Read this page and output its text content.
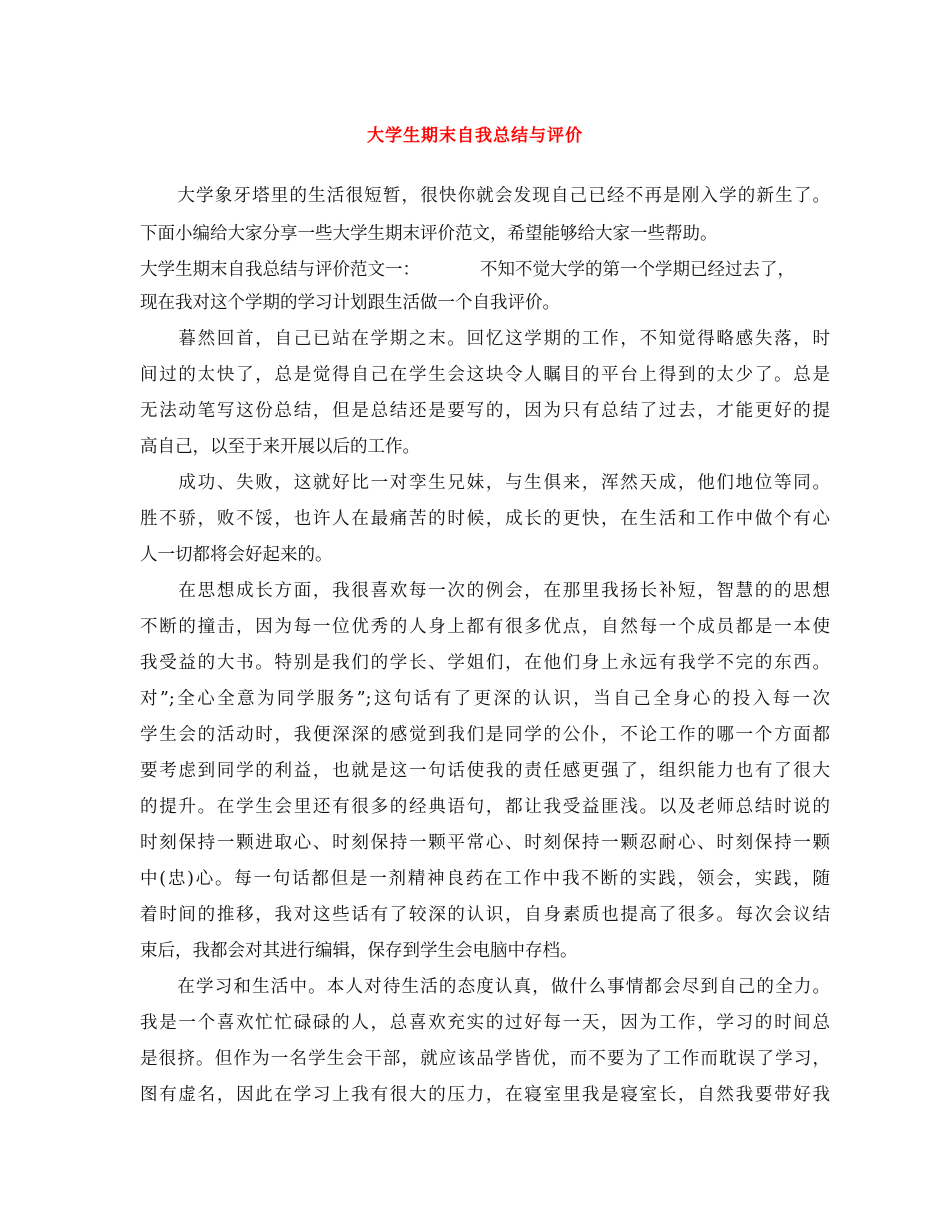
大学生期末自我总结与评价
　　大学象牙塔里的生活很短暂，很快你就会发现自己已经不再是刚入学的新生了。
下面小编给大家分享一些大学生期末评价范文，希望能够给大家一些帮助。
大学生期末自我总结与评价范文一：	不知不觉大学的第一个学期已经过去了，
现在我对这个学期的学习计划跟生活做一个自我评价。
　　暮然回首，自己已站在学期之末。回忆这学期的工作，不知觉得略感失落，时
间过的太快了，总是觉得自己在学生会这块令人瞩目的平台上得到的太少了。总是
无法动笔写这份总结，但是总结还是要写的，因为只有总结了过去，才能更好的提
高自己，以至于来开展以后的工作。
　　成功、失败，这就好比一对孪生兄妹，与生俱来，浑然天成，他们地位等同。
胜不骄，败不馁，也许人在最痛苦的时候，成长的更快，在生活和工作中做个有心
人一切都将会好起来的。
　　在思想成长方面，我很喜欢每一次的例会，在那里我扬长补短，智慧的的思想
不断的撞击，因为每一位优秀的人身上都有很多优点，自然每一个成员都是一本使
我受益的大书。特别是我们的学长、学姐们，在他们身上永远有我学不完的东西。
对”;全心全意为同学服务”;这句话有了更深的认识，当自己全身心的投入每一次
学生会的活动时，我便深深的感觉到我们是同学的公仆，不论工作的哪一个方面都
要考虑到同学的利益，也就是这一句话使我的责任感更强了，组织能力也有了很大
的提升。在学生会里还有很多的经典语句，都让我受益匪浅。以及老师总结时说的
时刻保持一颗进取心、时刻保持一颗平常心、时刻保持一颗忍耐心、时刻保持一颗
中(忠)心。每一句话都但是一剂精神良药在工作中我不断的实践，领会，实践，随
着时间的推移，我对这些话有了较深的认识，自身素质也提高了很多。每次会议结
束后，我都会对其进行编辑，保存到学生会电脑中存档。
　　在学习和生活中。本人对待生活的态度认真，做什么事情都会尽到自己的全力。
我是一个喜欢忙忙碌碌的人，总喜欢充实的过好每一天，因为工作，学习的时间总
是很挤。但作为一名学生会干部，就应该品学皆优，而不要为了工作而耽误了学习，
图有虚名，因此在学习上我有很大的压力，在寝室里我是寝室长，自然我要带好我
